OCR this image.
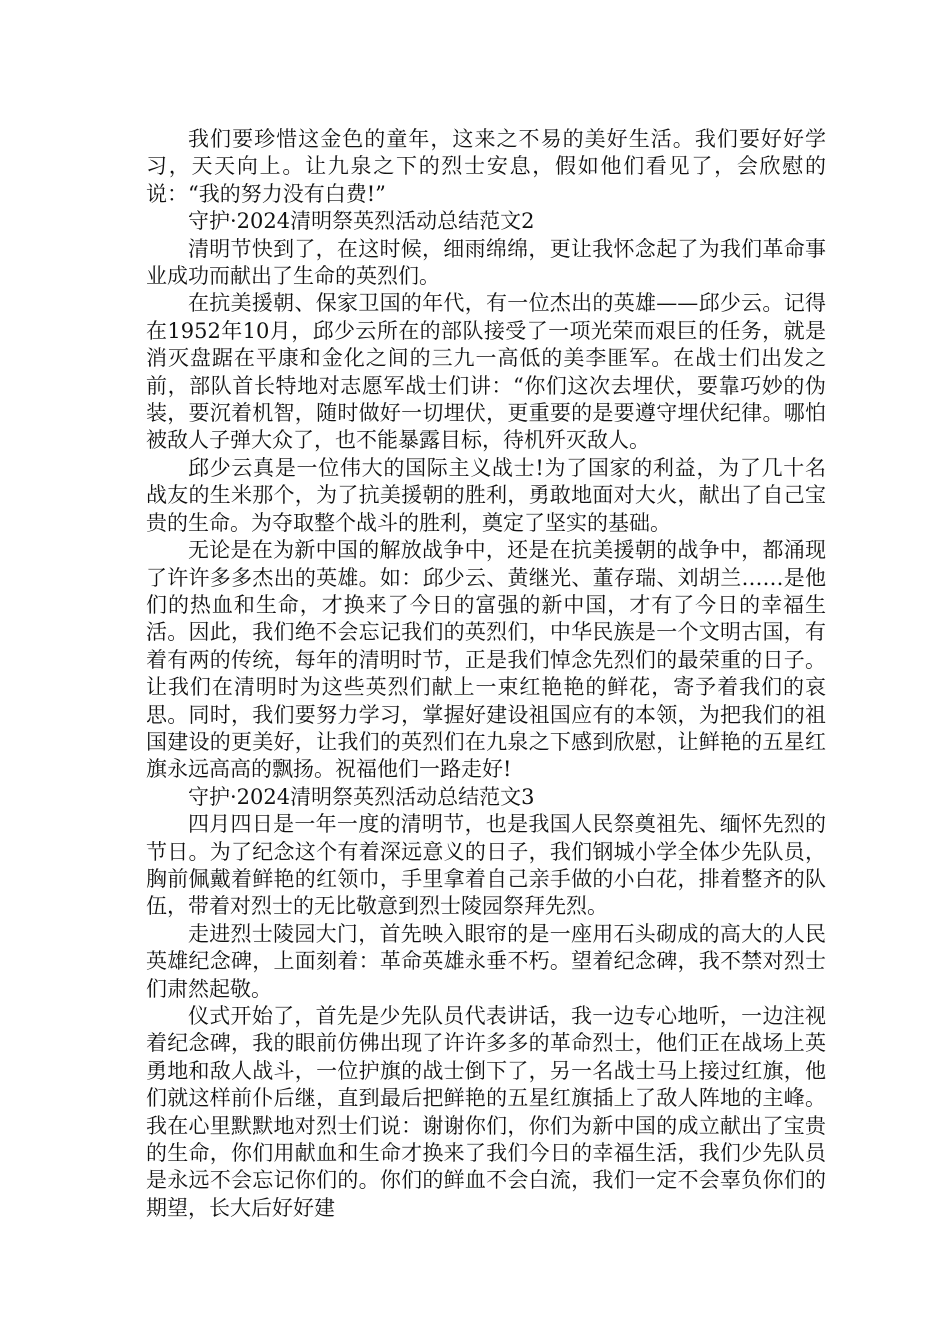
我们要珍惜这金色的童年，这来之不易的美好生活。我们要好好学习，天天向上。让九泉之下的烈士安息，假如他们看见了，会欣慰的说：“我的努力没有白费!”

守护·2024清明祭英烈活动总结范文2

清明节快到了，在这时候，细雨绵绵，更让我怀念起了为我们革命事业成功而献出了生命的英烈们。

在抗美援朝、保家卫国的年代，有一位杰出的英雄——邱少云。记得在1952年10月，邱少云所在的部队接受了一项光荣而艰巨的任务，就是消灭盘踞在平康和金化之间的三九一高低的美李匪军。在战士们出发之前，部队首长特地对志愿军战士们讲：“你们这次去埋伏，要靠巧妙的伪装，要沉着机智，随时做好一切埋伏，更重要的是要遵守埋伏纪律。哪怕被敌人子弹大众了，也不能暴露目标，待机歼灭敌人。

邱少云真是一位伟大的国际主义战士!为了国家的利益，为了几十名战友的生米那个，为了抗美援朝的胜利，勇敢地面对大火，献出了自己宝贵的生命。为夺取整个战斗的胜利，奠定了坚实的基础。

无论是在为新中国的解放战争中，还是在抗美援朝的战争中，都涌现了许许多多杰出的英雄。如：邱少云、黄继光、董存瑞、刘胡兰……是他们的热血和生命，才换来了今日的富强的新中国，才有了今日的幸福生活。因此，我们绝不会忘记我们的英烈们，中华民族是一个文明古国，有着有两的传统，每年的清明时节，正是我们悼念先烈们的最荣重的日子。让我们在清明时为这些英烈们献上一束红艳艳的鲜花，寄予着我们的哀思。同时，我们要努力学习，掌握好建设祖国应有的本领，为把我们的祖国建设的更美好，让我们的英烈们在九泉之下感到欣慰，让鲜艳的五星红旗永远高高的飘扬。祝福他们一路走好!

守护·2024清明祭英烈活动总结范文3

四月四日是一年一度的清明节，也是我国人民祭奠祖先、缅怀先烈的节日。为了纪念这个有着深远意义的日子，我们钢城小学全体少先队员，胸前佩戴着鲜艳的红领巾，手里拿着自己亲手做的小白花，排着整齐的队伍，带着对烈士的无比敬意到烈士陵园祭拜先烈。

走进烈士陵园大门，首先映入眼帘的是一座用石头砌成的高大的人民英雄纪念碑，上面刻着：革命英雄永垂不朽。望着纪念碑，我不禁对烈士们肃然起敬。

仪式开始了，首先是少先队员代表讲话，我一边专心地听，一边注视着纪念碑，我的眼前仿佛出现了许许多多的革命烈士，他们正在战场上英勇地和敌人战斗，一位护旗的战士倒下了，另一名战士马上接过红旗，他们就这样前仆后继，直到最后把鲜艳的五星红旗插上了敌人阵地的主峰。我在心里默默地对烈士们说：谢谢你们，你们为新中国的成立献出了宝贵的生命，你们用献血和生命才换来了我们今日的幸福生活，我们少先队员是永远不会忘记你们的。你们的鲜血不会白流，我们一定不会辜负你们的期望，长大后好好建
